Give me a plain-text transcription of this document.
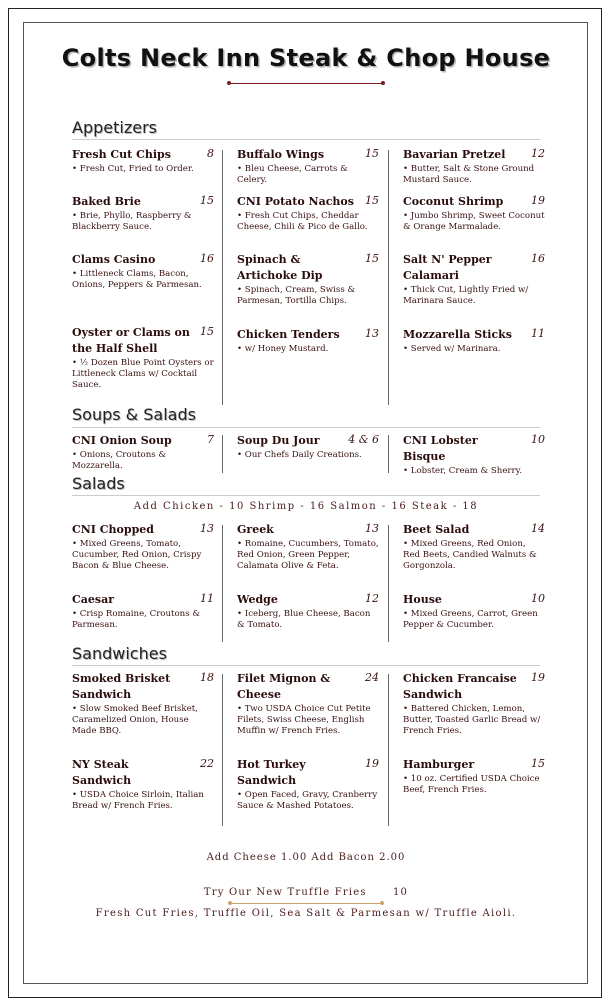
Colts Neck Inn Steak & Chop House
Appetizers
Fresh Cut Chips	8
• Fresh Cut, Fried to Order.
Buffalo Wings	15
• Bleu Cheese, Carrots & Celery.
Bavarian Pretzel	12
• Butter, Salt & Stone Ground Mustard Sauce.
Baked Brie	15
• Brie, Phyllo, Raspberry & Blackberry Sauce.
CNI Potato Nachos 15
• Fresh Cut Chips, Cheddar Cheese, Chili & Pico de Gallo.
Coconut Shrimp	19
• Jumbo Shrimp, Sweet Coconut & Orange Marmalade.
Clams Casino	16
• Littleneck Clams, Bacon, Onions, Peppers & Parmesan.
Spinach & Artichoke Dip
15
• Spinach, Cream, Swiss & Parmesan, Tortilla Chips.
Salt N' Pepper Calamari
16
• Thick Cut, Lightly Fried w/ Marinara Sauce.
Oyster or Clams on the Half Shell
15
• ½ Dozen Blue Point Oysters or Littleneck Clams w/ Cocktail Sauce.
Chicken Tenders	13
• w/ Honey Mustard.
Mozzarella Sticks	11
• Served w/ Marinara.
Soups & Salads
CNI Onion Soup	7
• Onions, Croutons & Mozzarella.
Soup Du Jour	4 & 6
• Our Chefs Daily Creations.
CNI Lobster Bisque
10
• Lobster, Cream & Sherry.
Salads
Add Chicken - 10 Shrimp - 16 Salmon - 16 Steak - 18
CNI Chopped	13
• Mixed Greens, Tomato, Cucumber, Red Onion, Crispy Bacon & Blue Cheese.
Greek	13
• Romaine, Cucumbers, Tomato, Red Onion, Green Pepper, Calamata Olive & Feta.
Beet Salad	14
• Mixed Greens, Red Onion, Red Beets, Candied Walnuts & Gorgonzola.
Caesar	11
• Crisp Romaine, Croutons & Parmesan.
Wedge	12
• Iceberg, Blue Cheese, Bacon & Tomato.
House	10
• Mixed Greens, Carrot, Green Pepper & Cucumber.
Sandwiches
Smoked Brisket Sandwich
18
• Slow Smoked Beef Brisket, Caramelized Onion, House Made BBQ.
Filet Mignon & Cheese
24
• Two USDA Choice Cut Petite Filets, Swiss Cheese, English Muffin w/ French Fries.
Chicken Francaise Sandwich
19
• Battered Chicken, Lemon, Butter, Toasted Garlic Bread w/ French Fries.
NY Steak Sandwich
22
• USDA Choice Sirloin, Italian Bread w/ French Fries.
Hot Turkey Sandwich
19
• Open Faced, Gravy, Cranberry Sauce & Mashed Potatoes.
Hamburger	15
• 10 oz. Certified USDA Choice Beef, French Fries.
Add Cheese 1.00 Add Bacon 2.00
Try Our New Truffle Fries	10
Fresh Cut Fries, Truffle Oil, Sea Salt & Parmesan w/ Truffle Aioli.
